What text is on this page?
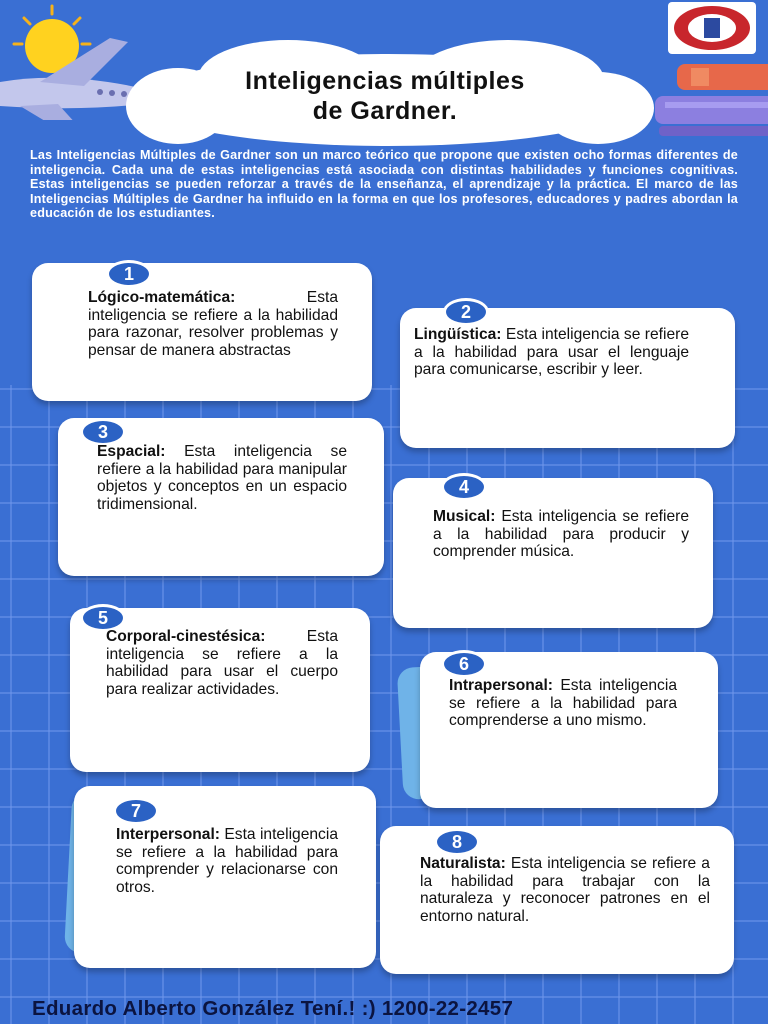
Inteligencias múltiples
de Gardner.
Las Inteligencias Múltiples de Gardner son un marco teórico que propone que existen ocho formas diferentes de inteligencia. Cada una de estas inteligencias está asociada con distintas habilidades y funciones cognitivas. Estas inteligencias se pueden reforzar a través de la enseñanza, el aprendizaje y la práctica. El marco de las Inteligencias Múltiples de Gardner ha influido en la forma en que los profesores, educadores y padres abordan la educación de los estudiantes.
1
Lógico-matemática:	Esta inteligencia se refiere a la habilidad para razonar, resolver problemas y pensar de manera abstractas
2
Lingüística: Esta inteligencia se refiere a la habilidad para usar el lenguaje para comunicarse, escribir y leer.
3
Espacial: Esta inteligencia se refiere a la habilidad para manipular objetos y conceptos en un espacio tridimensional.
4
Musical: Esta inteligencia se refiere a la habilidad para producir y comprender música.
5
Corporal-cinestésica:	Esta inteligencia se refiere a la habilidad para usar el cuerpo para realizar actividades.
6
Intrapersonal: Esta inteligencia se refiere a la habilidad para comprenderse a uno mismo.
7
Interpersonal: Esta inteligencia se refiere a la habilidad para comprender y relacionarse con otros.
8
Naturalista: Esta inteligencia se refiere a la habilidad para trabajar con la naturaleza y reconocer patrones en el entorno natural.
Eduardo Alberto González Tení.! :) 1200-22-2457
